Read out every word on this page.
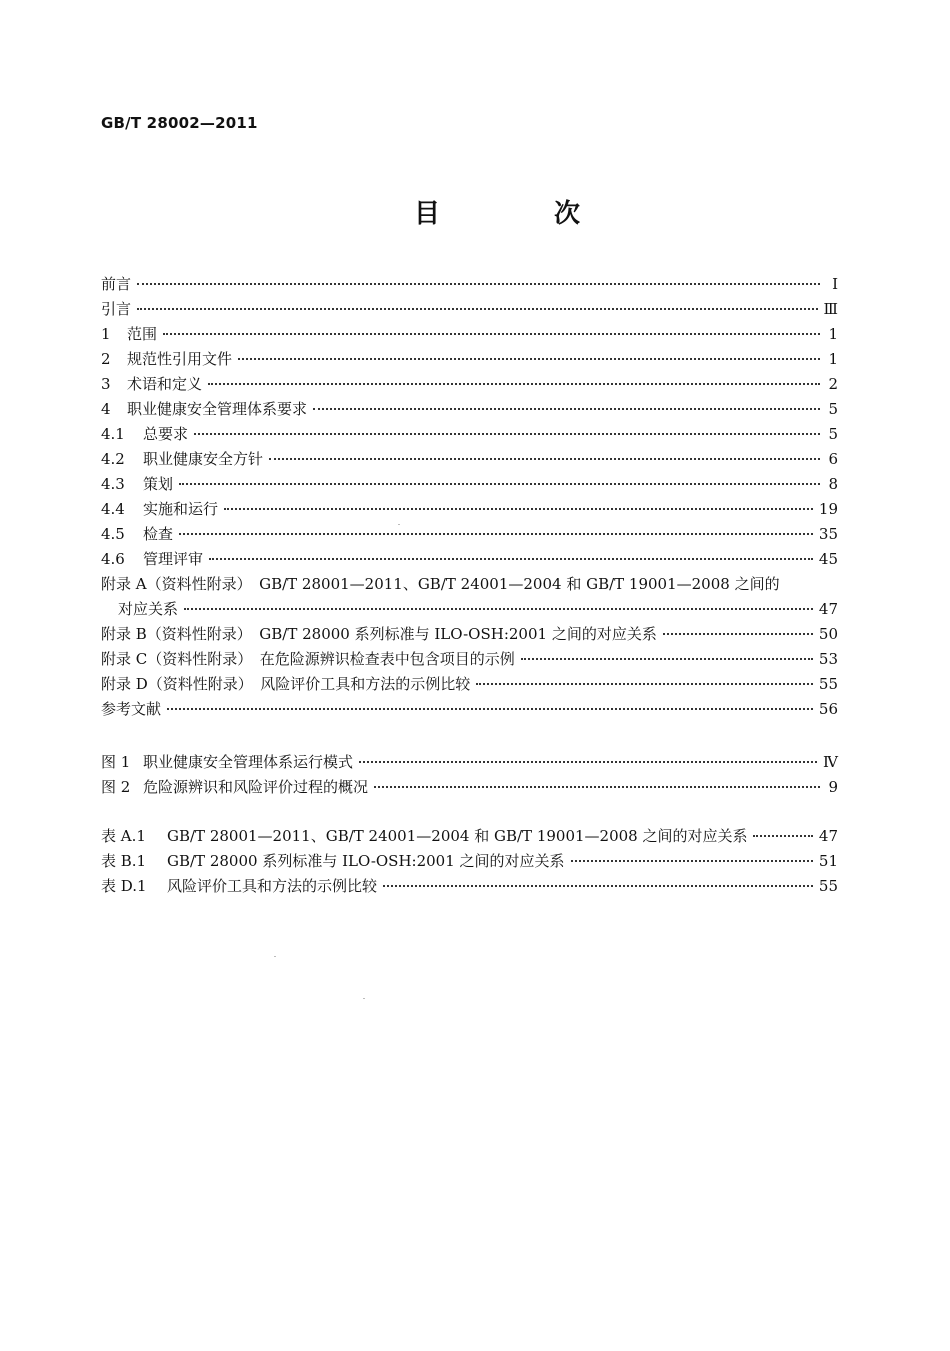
GB/T 28002—2011
目　次
前言	Ⅰ
引言	Ⅲ
1	范围	1
2	规范性引用文件	1
3	术语和定义	2
4	职业健康安全管理体系要求	5
4.1	总要求	5
4.2	职业健康安全方针	6
4.3	策划	8
4.4	实施和运行	19
4.5	检查	35
4.6	管理评审	45
附录 A（资料性附录）　GB/T 28001—2011、GB/T 24001—2004 和 GB/T 19001—2008 之间的
对应关系	47
附录 B（资料性附录）　GB/T 28000 系列标准与 ILO-OSH:2001 之间的对应关系	50
附录 C（资料性附录）　在危险源辨识检查表中包含项目的示例	53
附录 D（资料性附录）　风险评价工具和方法的示例比较	55
参考文献	56
图 1 职业健康安全管理体系运行模式	Ⅳ
图 2 危险源辨识和风险评价过程的概况	9
表 A.1	GB/T 28001—2011、GB/T 24001—2004 和 GB/T 19001—2008 之间的对应关系	47
表 B.1	GB/T 28000 系列标准与 ILO-OSH:2001 之间的对应关系	51
表 D.1	风险评价工具和方法的示例比较	55
